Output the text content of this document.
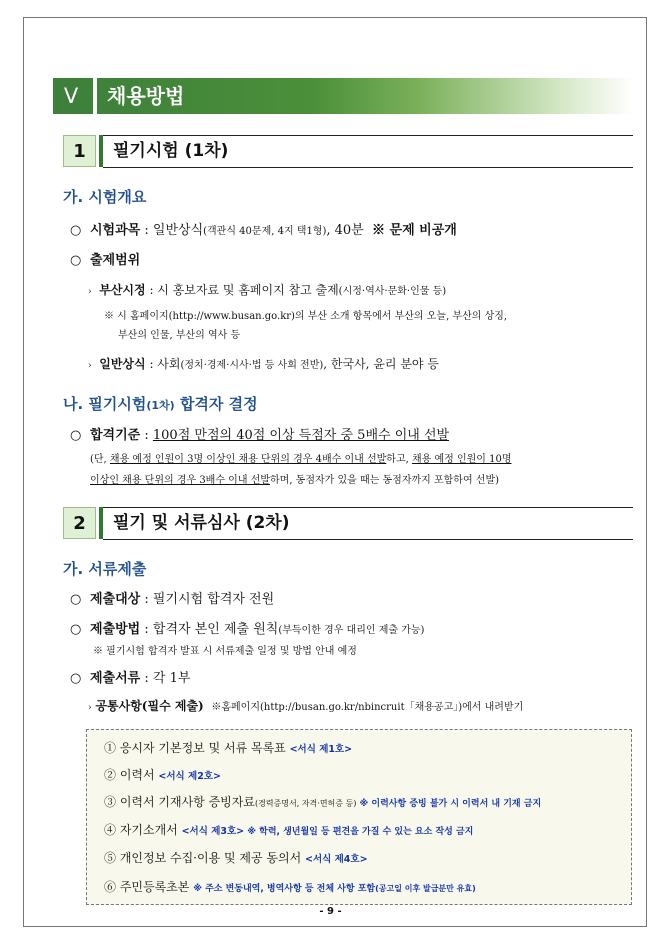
Ⅴ	채용방법
1	필기시험 (1차)
가. 시험개요
○ 시험과목 : 일반상식(객관식 40문제, 4지 택1형), 40분 ※ 문제 비공개
○ 출제범위
› 부산시정 : 시 홍보자료 및 홈페이지 참고 출제(시정·역사·문화·인물 등)
※ 시 홈페이지(http://www.busan.go.kr)의 부산 소개 항목에서 부산의 오늘, 부산의 상징,
부산의 인물, 부산의 역사 등
› 일반상식 : 사회(정치·경제·시사·법 등 사회 전반), 한국사, 윤리 분야 등
나. 필기시험(1차) 합격자 결정
○ 합격기준 : 100점 만점의 40점 이상 득점자 중 5배수 이내 선발
(단, 채용 예정 인원이 3명 이상인 채용 단위의 경우 4배수 이내 선발하고, 채용 예정 인원이 10명
이상인 채용 단위의 경우 3배수 이내 선발하며, 동점자가 있을 때는 동점자까지 포함하여 선발)
2	필기 및 서류심사 (2차)
가. 서류제출
○ 제출대상 : 필기시험 합격자 전원
○ 제출방법 : 합격자 본인 제출 원칙(부득이한 경우 대리인 제출 가능)
※ 필기시험 합격자 발표 시 서류제출 일정 및 방법 안내 예정
○ 제출서류 : 각 1부
› 공통사항(필수 제출) ※홈페이지(http://busan.go.kr/nbincruit「채용공고」)에서 내려받기
① 응시자 기본정보 및 서류 목록표 <서식 제1호>
② 이력서 <서식 제2호>
③ 이력서 기재사항 증빙자료(경력증명서, 자격·면허증 등) ※ 이력사항 증빙 불가 시 이력서 내 기재 금지
④ 자기소개서 <서식 제3호> ※ 학력, 생년월일 등 편견을 가질 수 있는 요소 작성 금지
⑤ 개인정보 수집·이용 및 제공 동의서 <서식 제4호>
⑥ 주민등록초본 ※ 주소 변동내역, 병역사항 등 전체 사항 포함(공고일 이후 발급분만 유효)
- 9 -
